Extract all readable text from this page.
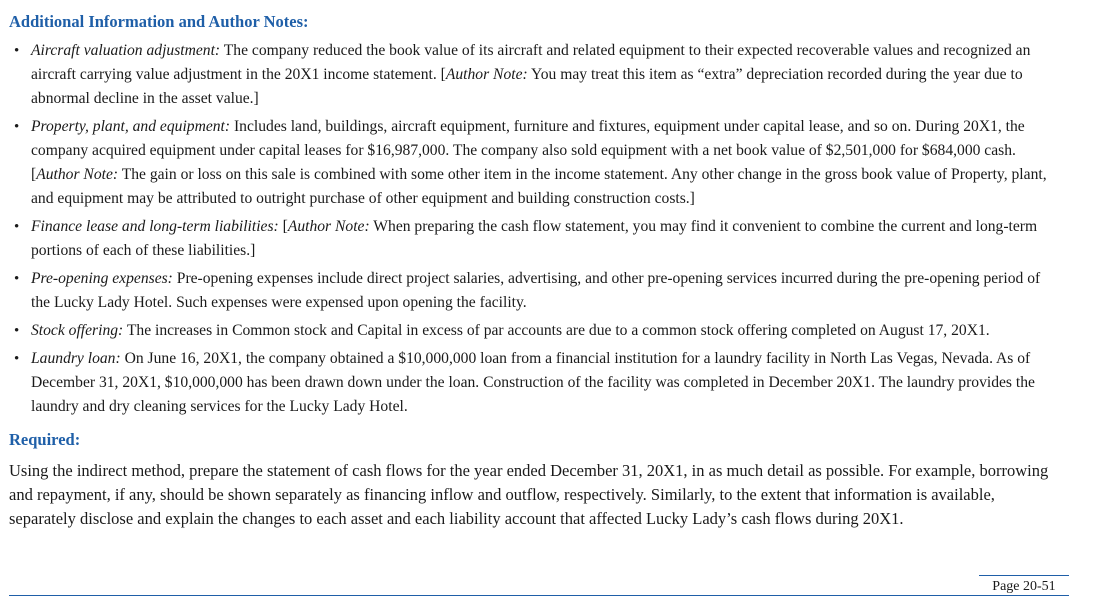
Additional Information and Author Notes:
• Aircraft valuation adjustment: The company reduced the book value of its aircraft and related equipment to their expected recoverable values and recognized an aircraft carrying value adjustment in the 20X1 income statement. [Author Note: You may treat this item as “extra” depreciation recorded during the year due to abnormal decline in the asset value.]
• Property, plant, and equipment: Includes land, buildings, aircraft equipment, furniture and fixtures, equipment under capital lease, and so on. During 20X1, the company acquired equipment under capital leases for $16,987,000. The company also sold equipment with a net book value of $2,501,000 for $684,000 cash. [Author Note: The gain or loss on this sale is combined with some other item in the income statement. Any other change in the gross book value of Property, plant, and equipment may be attributed to outright purchase of other equipment and building construction costs.]
• Finance lease and long-term liabilities: [Author Note: When preparing the cash flow statement, you may find it convenient to combine the current and long-term portions of each of these liabilities.]
• Pre-opening expenses: Pre-opening expenses include direct project salaries, advertising, and other pre-opening services incurred during the pre-opening period of the Lucky Lady Hotel. Such expenses were expensed upon opening the facility.
• Stock offering: The increases in Common stock and Capital in excess of par accounts are due to a common stock offering completed on August 17, 20X1.
• Laundry loan: On June 16, 20X1, the company obtained a $10,000,000 loan from a financial institution for a laundry facility in North Las Vegas, Nevada. As of December 31, 20X1, $10,000,000 has been drawn down under the loan. Construction of the facility was completed in December 20X1. The laundry provides the laundry and dry cleaning services for the Lucky Lady Hotel.
Required:

Using the indirect method, prepare the statement of cash flows for the year ended December 31, 20X1, in as much detail as possible. For example, borrowing and repayment, if any, should be shown separately as financing inflow and outflow, respectively. Similarly, to the extent that information is available, separately disclose and explain the changes to each asset and each liability account that affected Lucky Lady’s cash flows during 20X1.

Page 20-51
